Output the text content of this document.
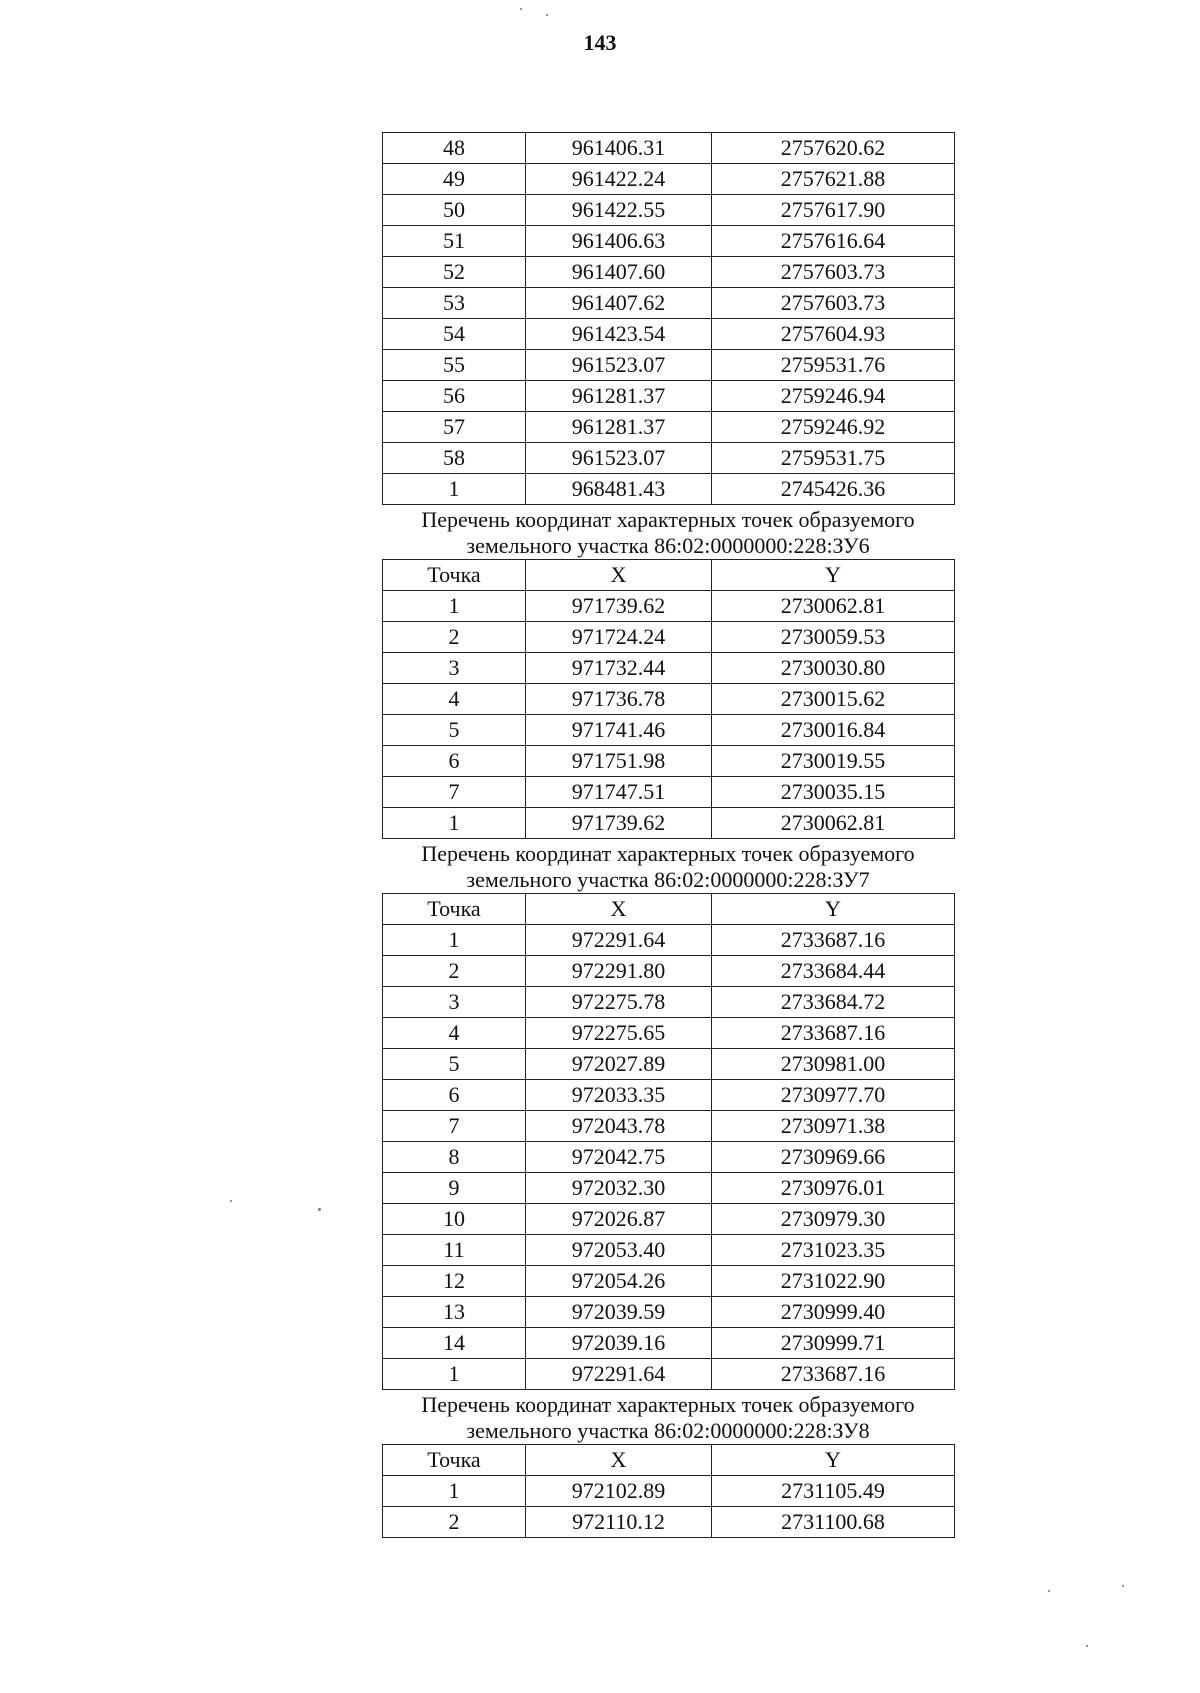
143
48	961406.31	2757620.62
49	961422.24	2757621.88
50	961422.55	2757617.90
51	961406.63	2757616.64
52	961407.60	2757603.73
53	961407.62	2757603.73
54	961423.54	2757604.93
55	961523.07	2759531.76
56	961281.37	2759246.94
57	961281.37	2759246.92
58	961523.07	2759531.75
1	968481.43	2745426.36
Перечень координат характерных точек образуемого
земельного участка 86:02:0000000:228:ЗУ6
Точка	X	Y
1	971739.62	2730062.81
2	971724.24	2730059.53
3	971732.44	2730030.80
4	971736.78	2730015.62
5	971741.46	2730016.84
6	971751.98	2730019.55
7	971747.51	2730035.15
1	971739.62	2730062.81
Перечень координат характерных точек образуемого
земельного участка 86:02:0000000:228:ЗУ7
Точка	X	Y
1	972291.64	2733687.16
2	972291.80	2733684.44
3	972275.78	2733684.72
4	972275.65	2733687.16
5	972027.89	2730981.00
6	972033.35	2730977.70
7	972043.78	2730971.38
8	972042.75	2730969.66
9	972032.30	2730976.01
10	972026.87	2730979.30
11	972053.40	2731023.35
12	972054.26	2731022.90
13	972039.59	2730999.40
14	972039.16	2730999.71
1	972291.64	2733687.16
Перечень координат характерных точек образуемого
земельного участка 86:02:0000000:228:ЗУ8
Точка	X	Y
1	972102.89	2731105.49
2	972110.12	2731100.68
